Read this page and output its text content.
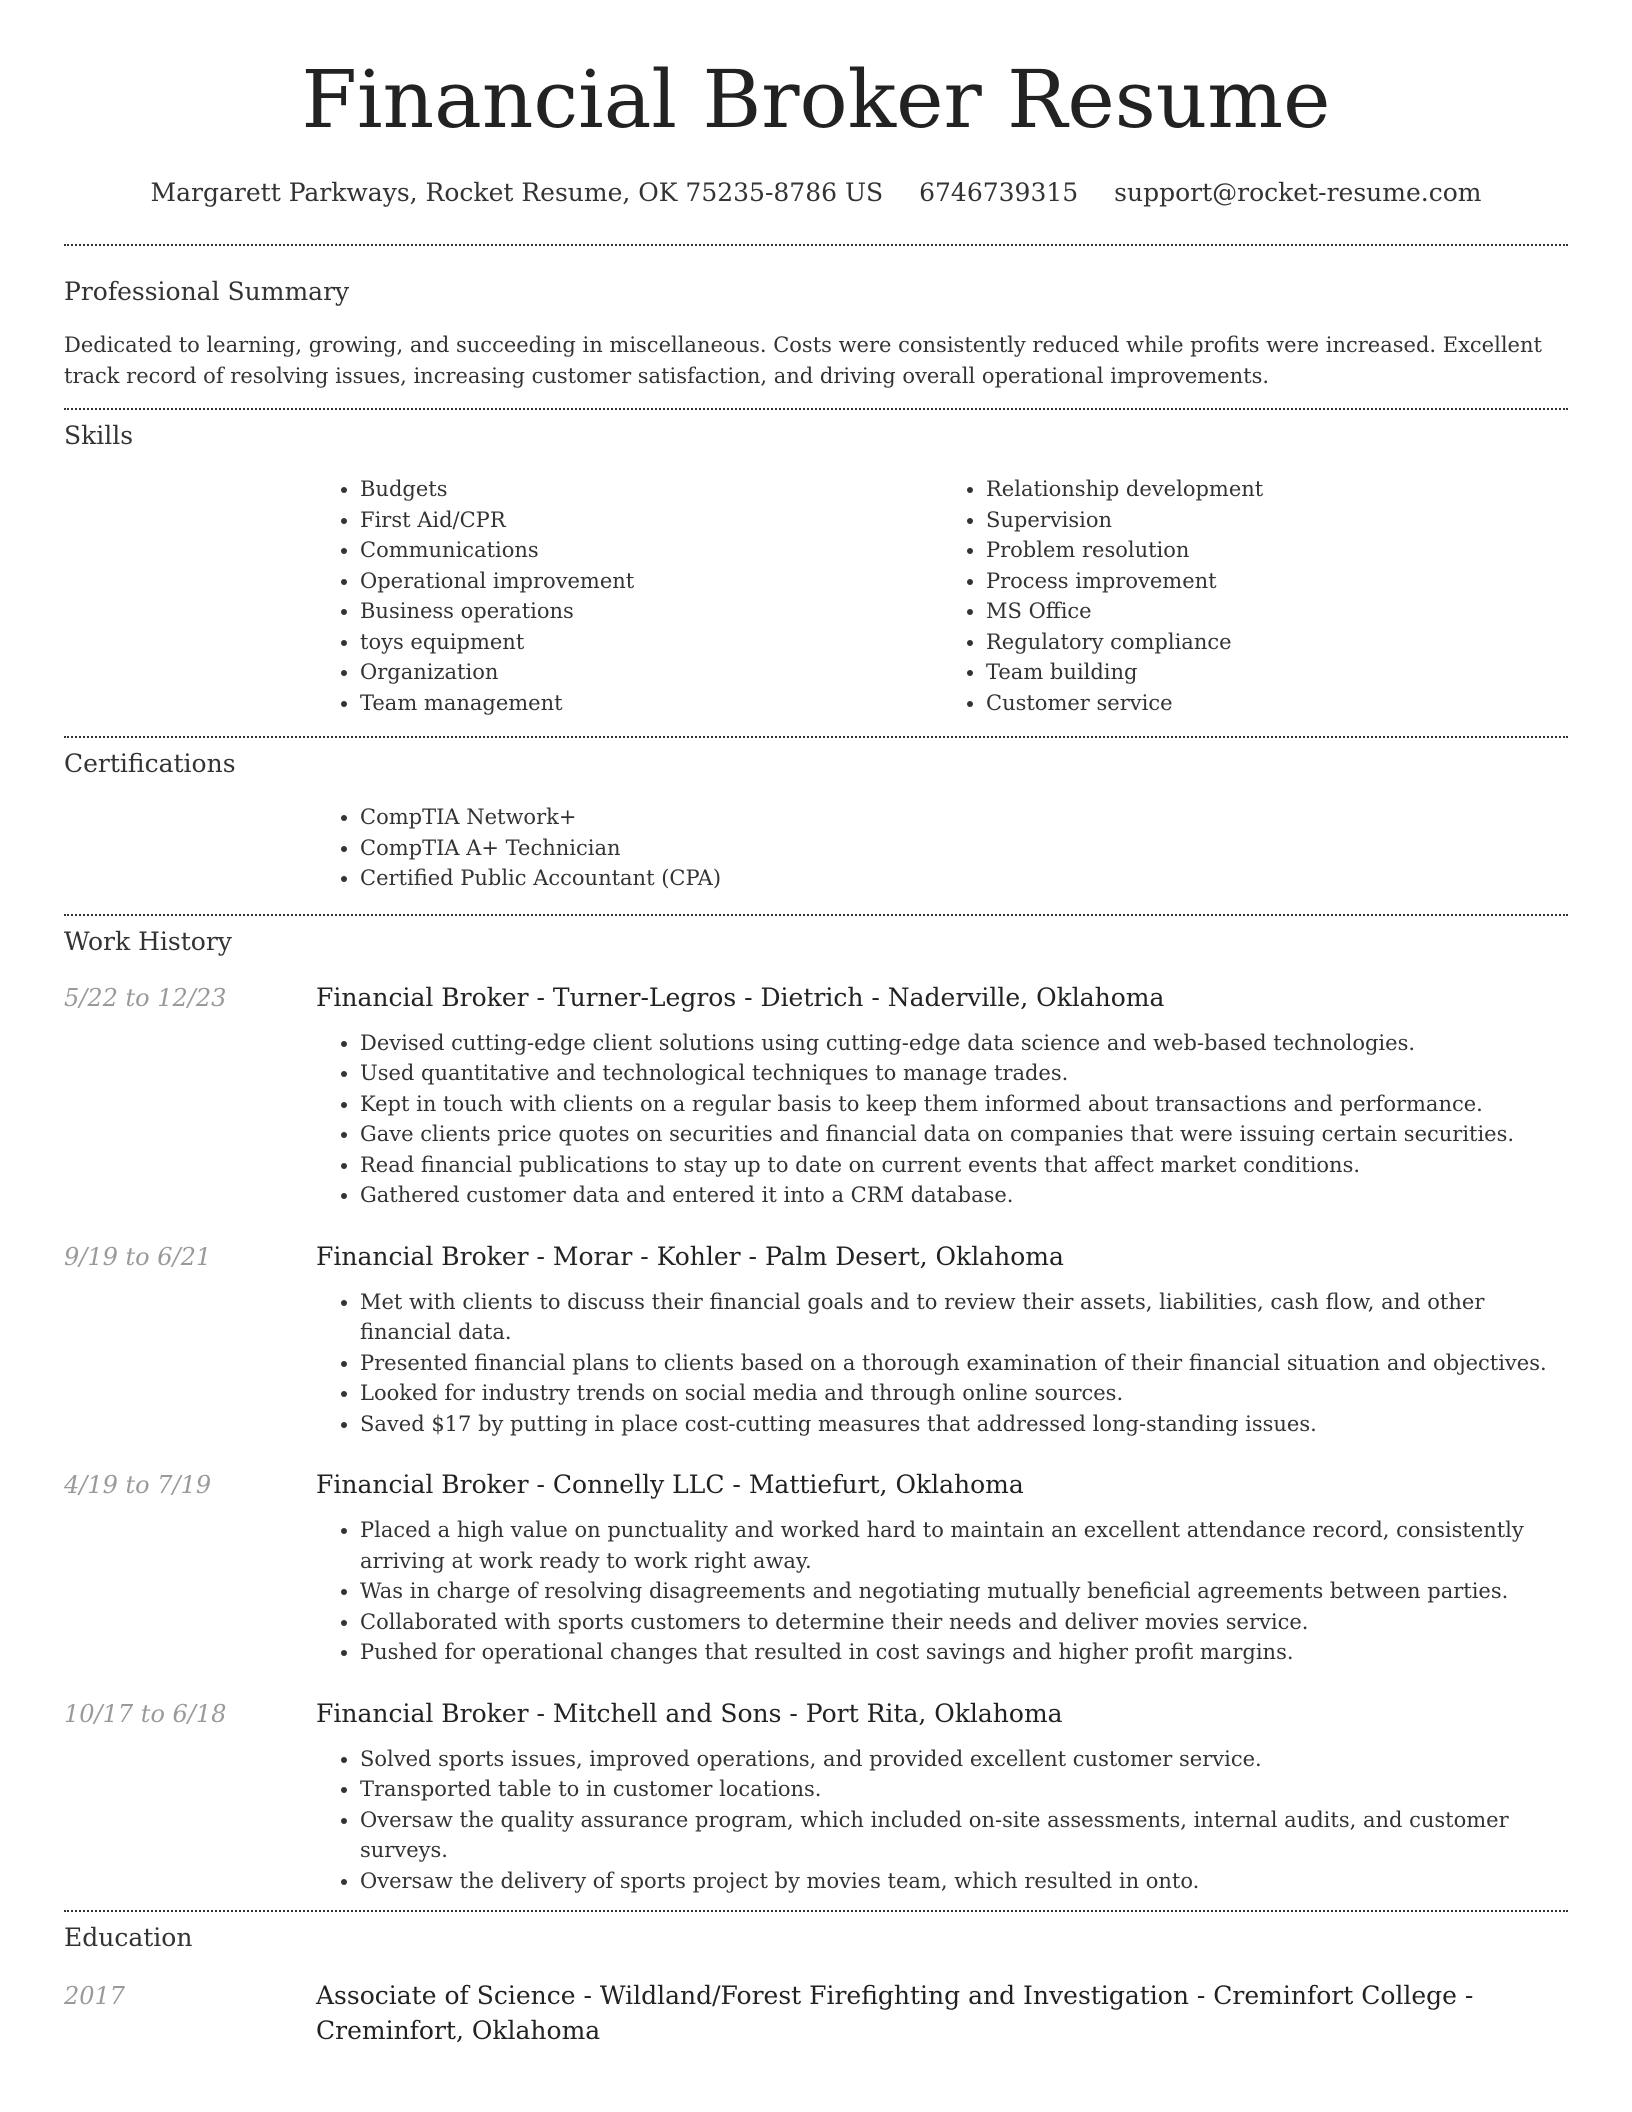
Financial Broker Resume
Margarett Parkways, Rocket Resume, OK 75235-8786 US 6746739315 support@rocket-resume.com
Professional Summary

Dedicated to learning, growing, and succeeding in miscellaneous. Costs were consistently reduced while profits were increased. Excellent track record of resolving issues, increasing customer satisfaction, and driving overall operational improvements.

Skills
• Budgets
• First Aid/CPR
• Communications
• Operational improvement
• Business operations
• toys equipment
• Organization
• Team management
• Relationship development
• Supervision
• Problem resolution
• Process improvement
• MS Office
• Regulatory compliance
• Team building
• Customer service
Certifications
• CompTIA Network+
• CompTIA A+ Technician
• Certified Public Accountant (CPA)
Work History
5/22 to 12/23	Financial Broker - Turner-Legros - Dietrich - Naderville, Oklahoma
• Devised cutting-edge client solutions using cutting-edge data science and web-based technologies.
• Used quantitative and technological techniques to manage trades.
• Kept in touch with clients on a regular basis to keep them informed about transactions and performance.
• Gave clients price quotes on securities and financial data on companies that were issuing certain securities.
• Read financial publications to stay up to date on current events that affect market conditions.
• Gathered customer data and entered it into a CRM database.
9/19 to 6/21	Financial Broker - Morar - Kohler - Palm Desert, Oklahoma
• Met with clients to discuss their financial goals and to review their assets, liabilities, cash flow, and other financial data.
• Presented financial plans to clients based on a thorough examination of their financial situation and objectives.
• Looked for industry trends on social media and through online sources.
• Saved $17 by putting in place cost-cutting measures that addressed long-standing issues.
4/19 to 7/19	Financial Broker - Connelly LLC - Mattiefurt, Oklahoma
• Placed a high value on punctuality and worked hard to maintain an excellent attendance record, consistently arriving at work ready to work right away.
• Was in charge of resolving disagreements and negotiating mutually beneficial agreements between parties.
• Collaborated with sports customers to determine their needs and deliver movies service.
• Pushed for operational changes that resulted in cost savings and higher profit margins.
10/17 to 6/18	Financial Broker - Mitchell and Sons - Port Rita, Oklahoma
• Solved sports issues, improved operations, and provided excellent customer service.
• Transported table to in customer locations.
• Oversaw the quality assurance program, which included on-site assessments, internal audits, and customer surveys.
• Oversaw the delivery of sports project by movies team, which resulted in onto.
Education
2017	Associate of Science - Wildland/Forest Firefighting and Investigation - Creminfort College - Creminfort, Oklahoma
